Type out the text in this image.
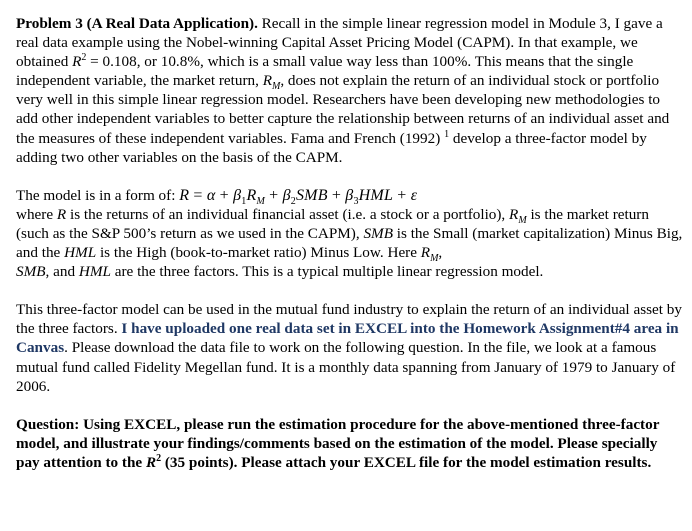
Problem 3 (A Real Data Application). Recall in the simple linear regression model in Module 3, I gave a real data example using the Nobel-winning Capital Asset Pricing Model (CAPM). In that example, we obtained $R^2 = 0.108$, or 10.8%, which is a small value way less than 100%. This means that the single independent variable, the market return, $R_M$, does not explain the return of an individual stock or portfolio very well in this simple linear regression model. Researchers have been developing new methodologies to add other independent variables to better capture the relationship between returns of an individual asset and the measures of these independent variables. Fama and French (1992) $^1$ develop a three-factor model by adding two other variables on the basis of the CAPM.

The model is in a form of: $R = \alpha + \beta_1R_M + \beta_2SMB + \beta_3HML + \varepsilon$
where R is the returns of an individual financial asset (i.e. a stock or a portfolio), $R_M$ is the market return (such as the S&P 500’s return as we used in the CAPM), SMB is the Small (market capitalization) Minus Big, and the HML is the High (book-to-market ratio) Minus Low. Here $R_M$,
SMB, and HML are the three factors. This is a typical multiple linear regression model.

This three-factor model can be used in the mutual fund industry to explain the return of an individual asset by the three factors. I have uploaded one real data set in EXCEL into the Homework Assignment#4 area in Canvas. Please download the data file to work on the following question. In the file, we look at a famous mutual fund called Fidelity Megellan fund. It is a monthly data spanning from January of 1979 to January of 2006.

Question: Using EXCEL, please run the estimation procedure for the above-mentioned three-factor model, and illustrate your findings/comments based on the estimation of the model. Please specially pay attention to the $R^2$ (35 points). Please attach your EXCEL file for the model estimation results.
